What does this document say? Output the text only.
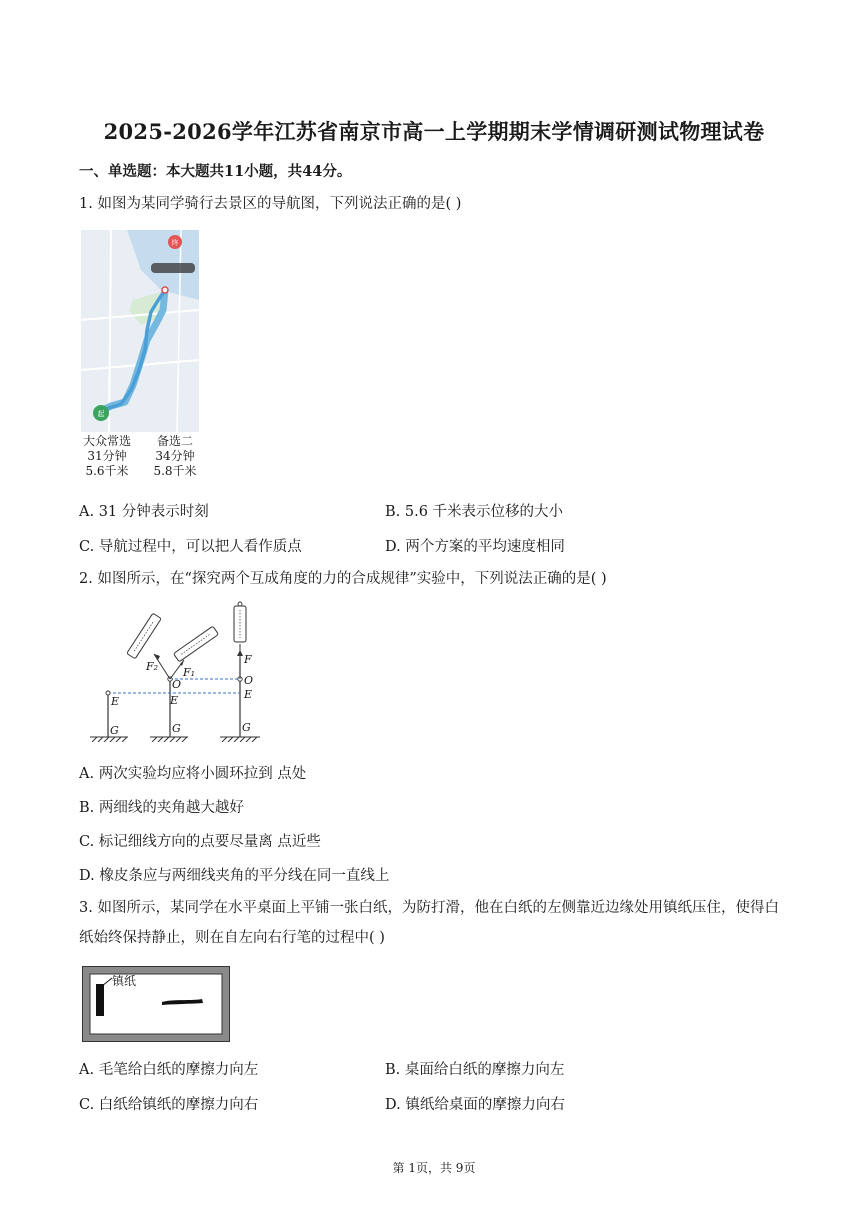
2025-2026学年江苏省南京市高一上学期期末学情调研测试物理试卷
一、单选题：本大题共11小题，共44分。
1. 如图为某同学骑行去景区的导航图，下列说法正确的是( )
起
终
大众常选
31分钟
5.6千米
备选二
34分钟
5.8千米
A. 31 分钟表示时刻	B. 5.6 千米表示位移的大小
C. 导航过程中，可以把人看作质点	D. 两个方案的平均速度相同
2. 如图所示，在“探究两个互成角度的力的合成规律”实验中，下列说法正确的是( )
F₂ F₁
O
E
G
F
O
E
G
E
G
A. 两次实验均应将小圆环拉到 点处
B. 两细线的夹角越大越好
C. 标记细线方向的点要尽量离 点近些
D. 橡皮条应与两细线夹角的平分线在同一直线上
3. 如图所示，某同学在水平桌面上平铺一张白纸，为防打滑，他在白纸的左侧靠近边缘处用镇纸压住，使得白纸始终保持静止，则在自左向右行笔的过程中( )
镇纸
A. 毛笔给白纸的摩擦力向左	B. 桌面给白纸的摩擦力向左
C. 白纸给镇纸的摩擦力向右	D. 镇纸给桌面的摩擦力向右
第 1页，共 9页
